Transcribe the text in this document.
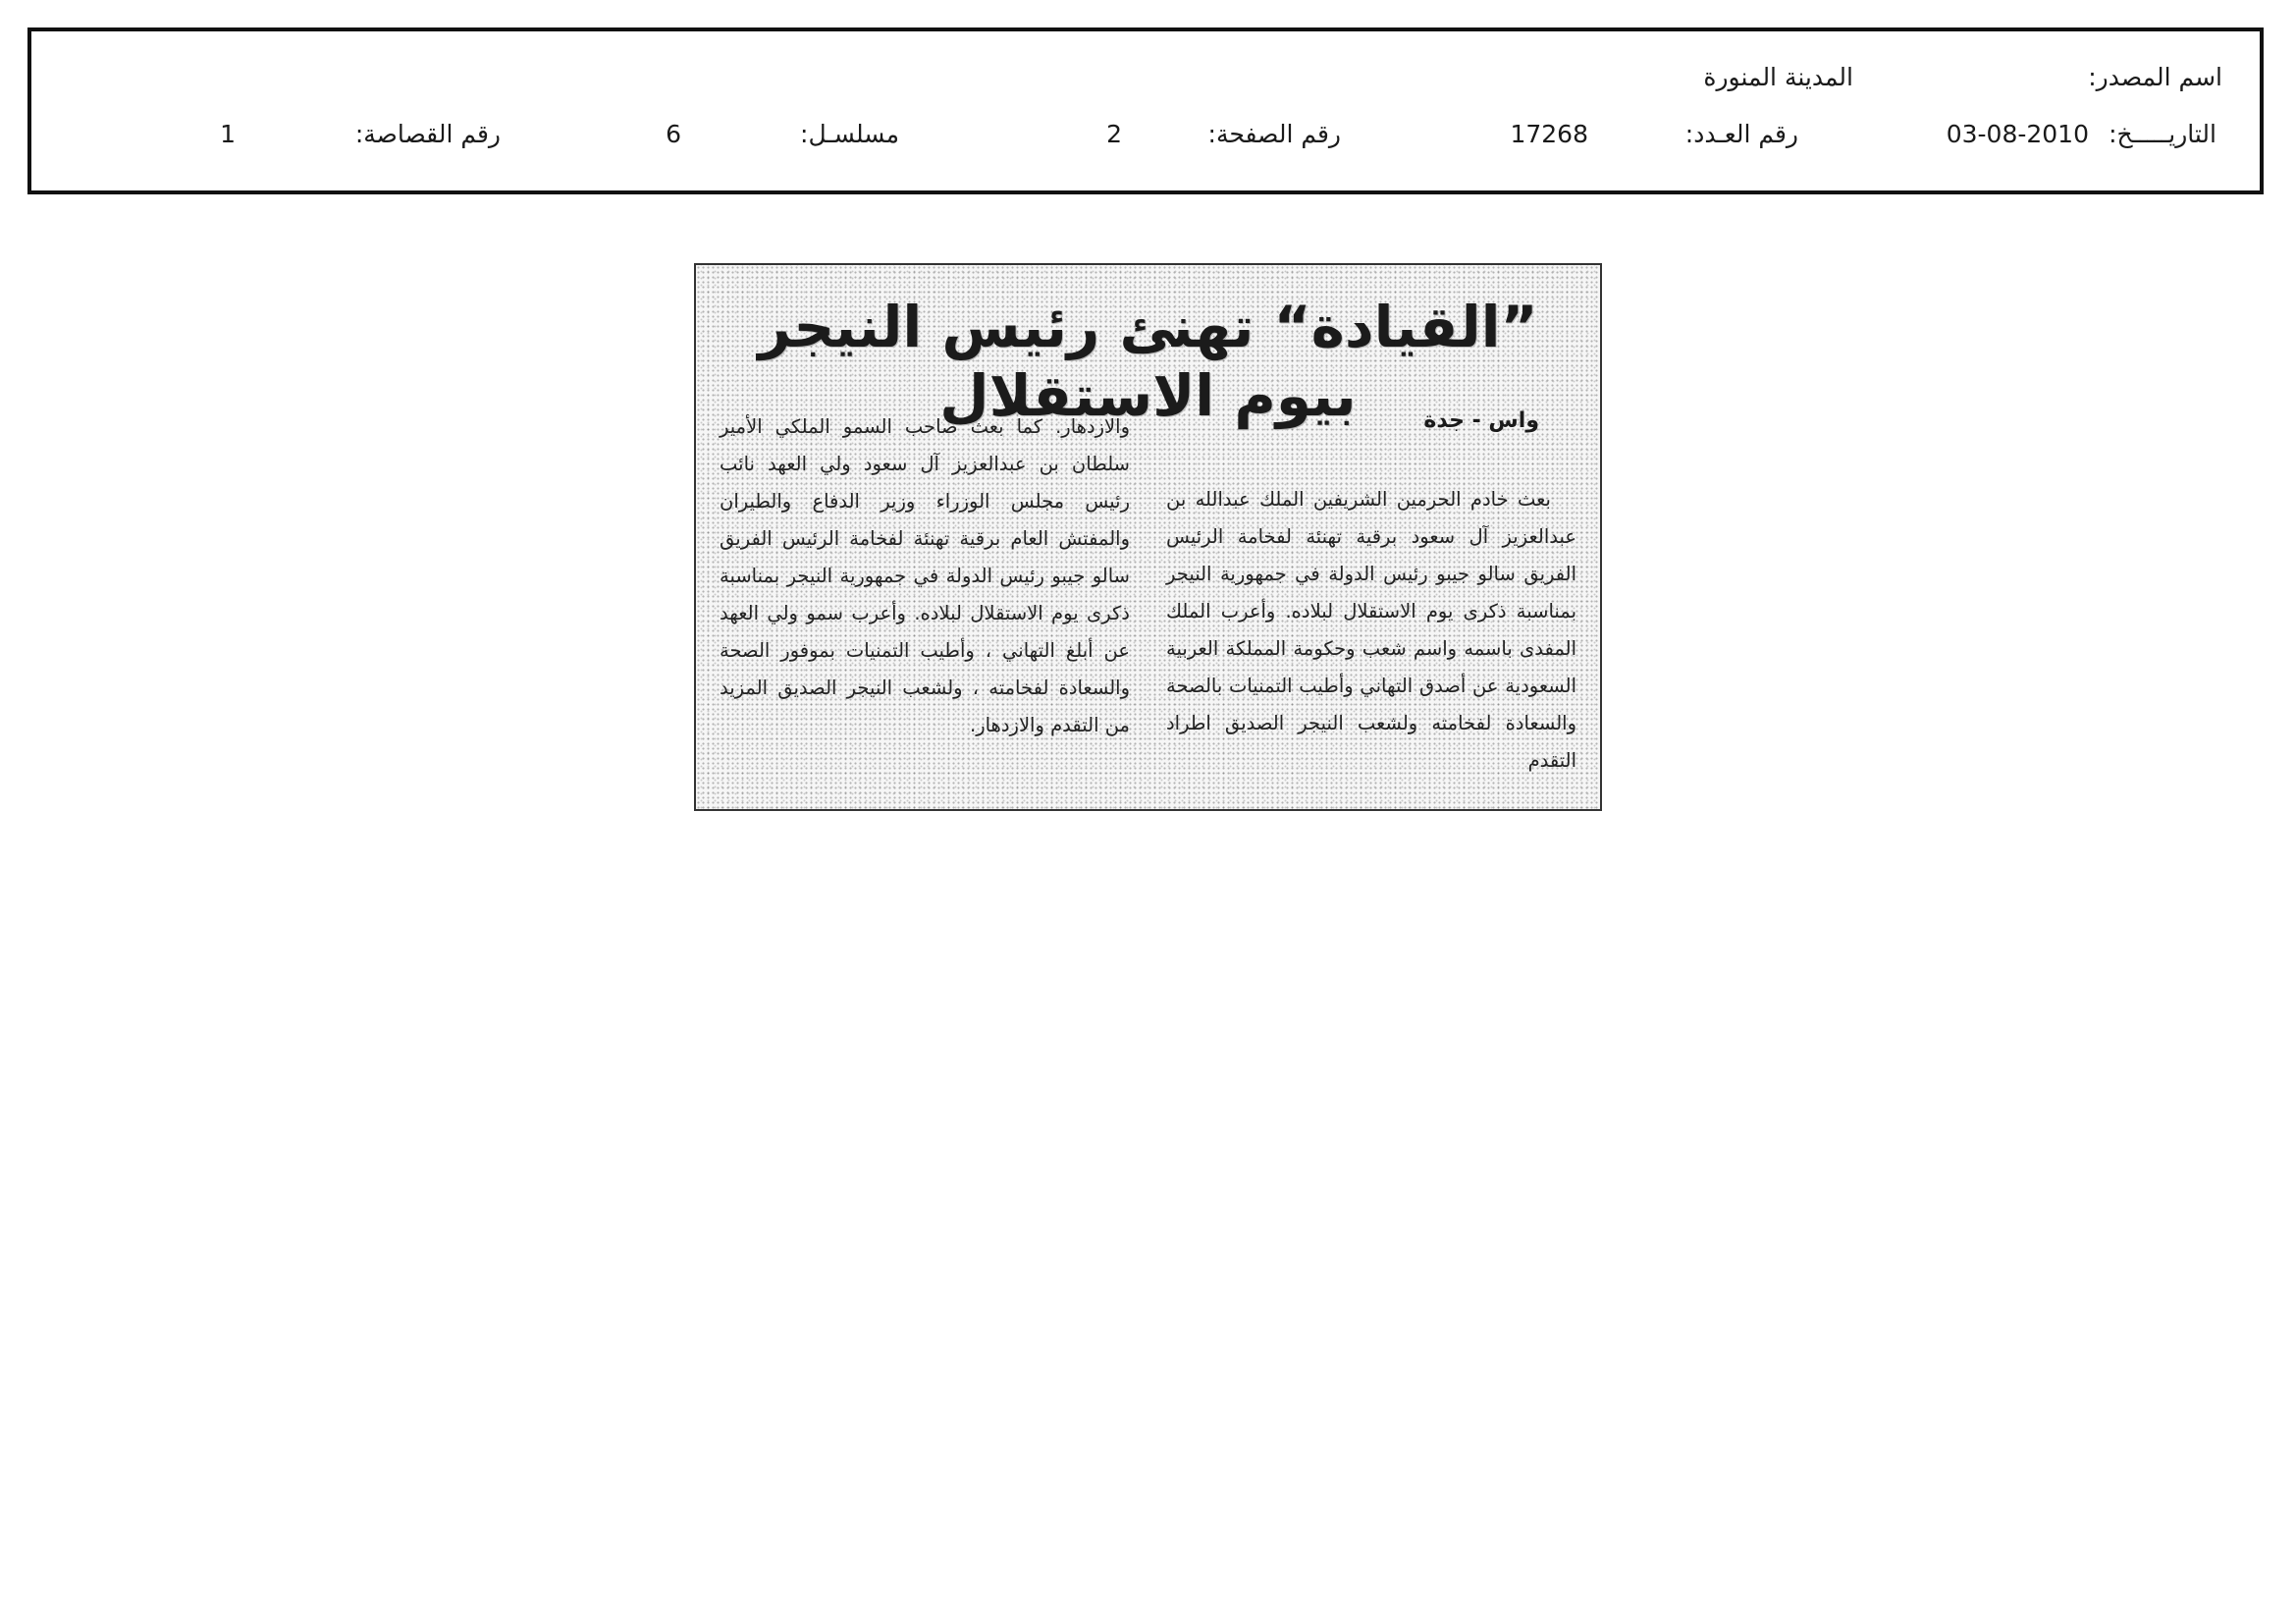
اسم المصدر:
المدينة المنورة
التاريـــــخ:
03-08-2010
رقم العـدد:
17268
رقم الصفحة:
2
مسلسـل:
6
رقم القصاصة:
1
”القيادة“ تهنئ رئيس النيجر بيوم الاستقلال	واس - جدة

بعث خادم الحرمين الشريفين الملك عبدالله بن عبدالعزيز آل سعود برقية تهنئة لفخامة الرئيس الفريق سالو جيبو رئيس الدولة في جمهورية النيجر بمناسبة ذكرى يوم الاستقلال لبلاده. وأعرب الملك المفدى باسمه واسم شعب وحكومة المملكة العربية السعودية عن أصدق التهاني وأطيب التمنيات بالصحة والسعادة لفخامته ولشعب النيجر الصديق اطراد التقدم

والازدهار. كما بعث صاحب السمو الملكي الأمير سلطان بن عبدالعزيز آل سعود ولي العهد نائب رئيس مجلس الوزراء وزير الدفاع والطيران والمفتش العام برقية تهنئة لفخامة الرئيس الفريق سالو جيبو رئيس الدولة في جمهورية النيجر بمناسبة ذكرى يوم الاستقلال لبلاده. وأعرب سمو ولي العهد عن أبلغ التهاني ، وأطيب التمنيات بموفور الصحة والسعادة لفخامته ، ولشعب النيجر الصديق المزيد من التقدم والازدهار.
